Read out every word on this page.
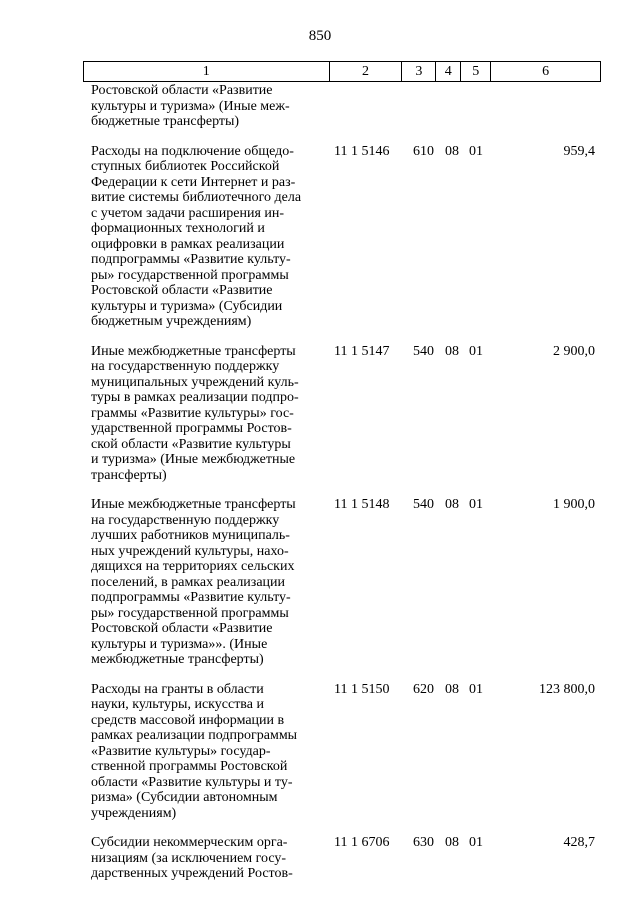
850
1	2	3	4	5	6
Ростовской области «Развитие
культуры и туризма» (Иные меж-
бюджетные трансферты)
Расходы на подключение общедо-
ступных библиотек Российской
Федерации к сети Интернет и раз-
витие системы библиотечного дела
с учетом задачи расширения ин-
формационных технологий и
оцифровки в рамках реализации
подпрограммы «Развитие культу-
ры» государственной программы
Ростовской области «Развитие
культуры и туризма» (Субсидии
бюджетным учреждениям)
11 1 5146	610 08 01	959,4
Иные межбюджетные трансферты
на государственную поддержку
муниципальных учреждений куль-
туры в рамках реализации подпро-
граммы «Развитие культуры» гос-
ударственной программы Ростов-
ской области «Развитие культуры
и туризма» (Иные межбюджетные
трансферты)
11 1 5147	540 08 01	2 900,0
Иные межбюджетные трансферты
на государственную поддержку
лучших работников муниципаль-
ных учреждений культуры, нахо-
дящихся на территориях сельских
поселений, в рамках реализации
подпрограммы «Развитие культу-
ры» государственной программы
Ростовской области «Развитие
культуры и туризма»». (Иные
межбюджетные трансферты)
11 1 5148	540 08 01	1 900,0
Расходы на гранты в области
науки, культуры, искусства и
средств массовой информации в
рамках реализации подпрограммы
«Развитие культуры» государ-
ственной программы Ростовской
области «Развитие культуры и ту-
ризма» (Субсидии автономным
учреждениям)
11 1 5150	620 08 01	123 800,0
Субсидии некоммерческим орга-
низациям (за исключением госу-
дарственных учреждений Ростов-
11 1 6706	630 08 01	428,7
